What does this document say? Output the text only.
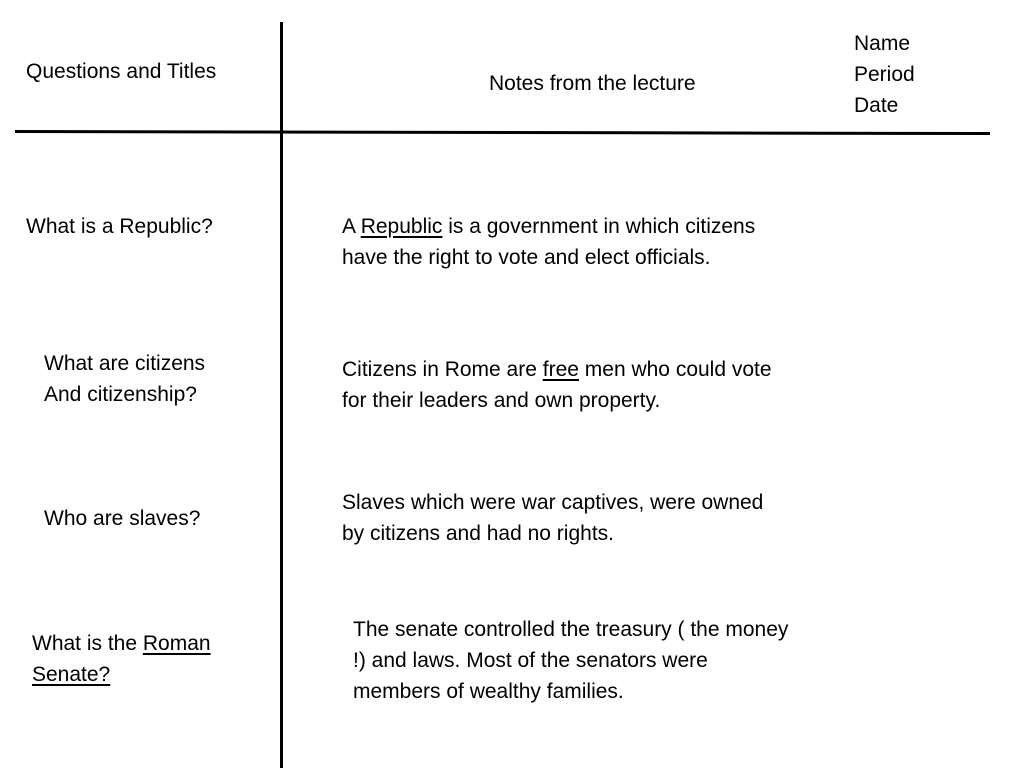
Questions and Titles
Notes from the lecture
Name
Period
Date
What is a Republic?	A Republic is a government in which citizens
have the right to vote and elect officials.
What are citizens
And citizenship?
Citizens in Rome are free men who could vote
for their leaders and own property.
Who are slaves?
Slaves which were war captives, were owned
by citizens and had no rights.
What is the Roman
Senate?
The senate controlled the treasury ( the money
!) and laws. Most of the senators were
members of wealthy families.
